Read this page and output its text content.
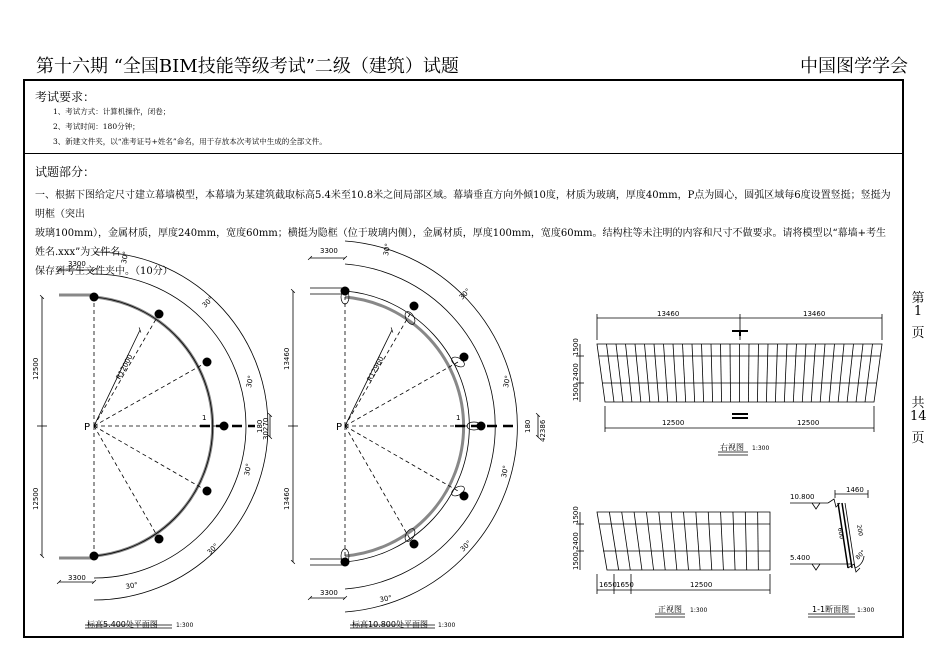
第十六期 “全国BIM技能等级考试”二级（建筑）试题	中国图学学会
第
1
页
共
14
页
考试要求：
1、考试方式：计算机操作，闭卷；
2、考试时间：180分钟；
3、新建文件夹，以“准考证号+姓名”命名，用于存放本次考试中生成的全部文件。
试题部分：
一、根据下图给定尺寸建立幕墙模型，本幕墙为某建筑截取标高5.4米至10.8米之间局部区域。幕墙垂直方向外倾10度，材质为玻璃，厚度40mm，P点为圆心，圆弧区域每6度设置竖挺；竖挺为明框（突出
玻璃100mm），金属材质，厚度240mm，宽度60mm；横挺为隐框（位于玻璃内侧），金属材质，厚度100mm，宽度60mm。结构柱等未注明的内容和尺寸不做要求。请将模型以“幕墙+考生姓名.xxx”为文件名
保存到考生文件夹中。（10分）
3300
3300
12500
12500
R12000
30270
180
P
30°
30°
30°
30°
30°
30°
1
标高5.400处平面图	1:300
3300
3300
13460
13460
R12960
42386
180
P
30°
30°
30°
30°
30°
30°
1
标高10.800处平面图 1:300
13460	13460
12500	12500
1500
2400
1500
右视图 1:300
1500
2400
1500
1650 1650	12500
正视图 1:300
10.800
5.400
1460
600 200
80°
1-1断面图 1:300
